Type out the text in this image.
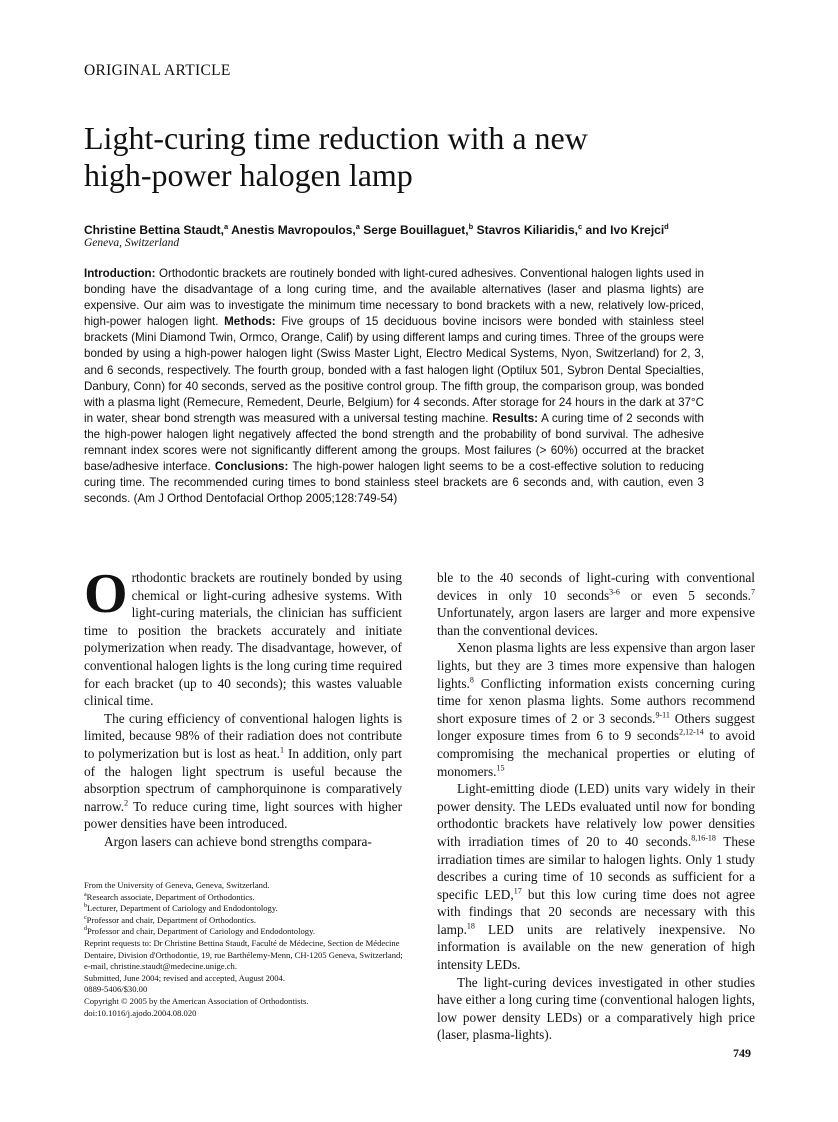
ORIGINAL ARTICLE
Light-curing time reduction with a new
high-power halogen lamp
Christine Bettina Staudt,$^a$ Anestis Mavropoulos,$^a$ Serge Bouillaguet,$^b$ Stavros Kiliaridis,$^c$ and Ivo Krejci$^d$
Geneva, Switzerland
Introduction: Orthodontic brackets are routinely bonded with light-cured adhesives. Conventional halogen lights used in bonding have the disadvantage of a long curing time, and the available alternatives (laser and plasma lights) are expensive. Our aim was to investigate the minimum time necessary to bond brackets with a new, relatively low-priced, high-power halogen light. Methods: Five groups of 15 deciduous bovine incisors were bonded with stainless steel brackets (Mini Diamond Twin, Ormco, Orange, Calif) by using different lamps and curing times. Three of the groups were bonded by using a high-power halogen light (Swiss Master Light, Electro Medical Systems, Nyon, Switzerland) for 2, 3, and 6 seconds, respectively. The fourth group, bonded with a fast halogen light (Optilux 501, Sybron Dental Specialties, Danbury, Conn) for 40 seconds, served as the positive control group. The fifth group, the comparison group, was bonded with a plasma light (Remecure, Remedent, Deurle, Belgium) for 4 seconds. After storage for 24 hours in the dark at 37°C in water, shear bond strength was measured with a universal testing machine. Results: A curing time of 2 seconds with the high-power halogen light negatively affected the bond strength and the probability of bond survival. The adhesive remnant index scores were not significantly different among the groups. Most failures (> 60%) occurred at the bracket base/adhesive interface. Conclusions: The high-power halogen light seems to be a cost-effective solution to reducing curing time. The recommended curing times to bond stainless steel brackets are 6 seconds and, with caution, even 3 seconds. (Am J Orthod Dentofacial Orthop 2005;128:749-54)

Orthodontic brackets are routinely bonded by using chemical or light-curing adhesive systems. With light-curing materials, the clinician has sufficient time to position the brackets accurately and initiate polymerization when ready. The disadvantage, however, of conventional halogen lights is the long curing time required for each bracket (up to 40 seconds); this wastes valuable clinical time.

The curing efficiency of conventional halogen lights is limited, because 98% of their radiation does not contribute to polymerization but is lost as heat.$^1$ In addition, only part of the halogen light spectrum is useful because the absorption spectrum of camphorquinone is comparatively narrow.$^2$ To reduce curing time, light sources with higher power densities have been introduced.

Argon lasers can achieve bond strengths compara-

ble to the 40 seconds of light-curing with conventional devices in only 10 seconds$^{3-6}$ or even 5 seconds.$^7$ Unfortunately, argon lasers are larger and more expensive than the conventional devices.

Xenon plasma lights are less expensive than argon laser lights, but they are 3 times more expensive than halogen lights.$^8$ Conflicting information exists concerning curing time for xenon plasma lights. Some authors recommend short exposure times of 2 or 3 seconds.$^{9-11}$ Others suggest longer exposure times from 6 to 9 seconds$^{2,12-14}$ to avoid compromising the mechanical properties or eluting of monomers.$^{15}$

Light-emitting diode (LED) units vary widely in their power density. The LEDs evaluated until now for bonding orthodontic brackets have relatively low power densities with irradiation times of 20 to 40 seconds.$^{8,16-18}$ These irradiation times are similar to halogen lights. Only 1 study describes a curing time of 10 seconds as sufficient for a specific LED,$^{17}$ but this low curing time does not agree with findings that 20 seconds are necessary with this lamp.$^{18}$ LED units are relatively inexpensive. No information is available on the new generation of high intensity LEDs.

The light-curing devices investigated in other studies have either a long curing time (conventional halogen lights, low power density LEDs) or a comparatively high price (laser, plasma-lights).

From the University of Geneva, Geneva, Switzerland.
$^a$Research associate, Department of Orthodontics.
$^b$Lecturer, Department of Cariology and Endodontology.
$^c$Professor and chair, Department of Orthodontics.
$^d$Professor and chair, Department of Cariology and Endodontology.
Reprint requests to: Dr Christine Bettina Staudt, Faculté de Médecine, Section de Médecine Dentaire, Division d'Orthodontie, 19, rue Barthélemy-Menn, CH-1205 Geneva, Switzerland; e-mail, christine.staudt@medecine.unige.ch.
Submitted, June 2004; revised and accepted, August 2004.
0889-5406/$30.00
Copyright © 2005 by the American Association of Orthodontists.
doi:10.1016/j.ajodo.2004.08.020
749
